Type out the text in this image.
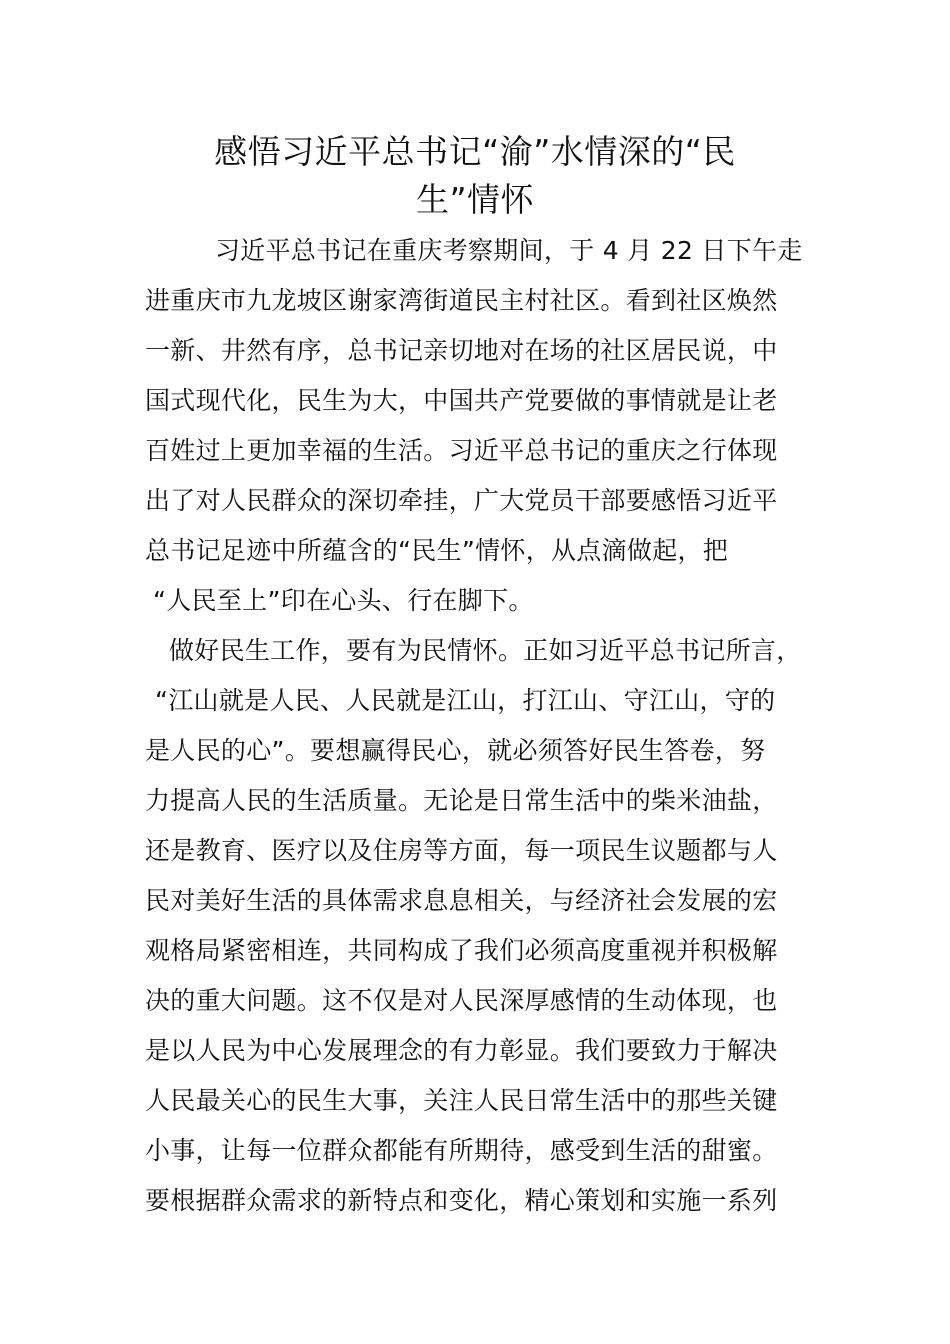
感悟习近平总书记“渝”水情深的“民
生”情怀
习近平总书记在重庆考察期间，于 4 月 22 日下午走
进重庆市九龙坡区谢家湾街道民主村社区。看到社区焕然
一新、井然有序，总书记亲切地对在场的社区居民说，中
国式现代化，民生为大，中国共产党要做的事情就是让老
百姓过上更加幸福的生活。习近平总书记的重庆之行体现
出了对人民群众的深切牵挂，广大党员干部要感悟习近平
总书记足迹中所蕴含的“民生”情怀，从点滴做起，把
“人民至上”印在心头、行在脚下。
做好民生工作，要有为民情怀。正如习近平总书记所言，
“江山就是人民、人民就是江山，打江山、守江山，守的
是人民的心”。要想赢得民心，就必须答好民生答卷，努
力提高人民的生活质量。无论是日常生活中的柴米油盐，
还是教育、医疗以及住房等方面，每一项民生议题都与人
民对美好生活的具体需求息息相关，与经济社会发展的宏
观格局紧密相连，共同构成了我们必须高度重视并积极解
决的重大问题。这不仅是对人民深厚感情的生动体现，也
是以人民为中心发展理念的有力彰显。我们要致力于解决
人民最关心的民生大事，关注人民日常生活中的那些关键
小事，让每一位群众都能有所期待，感受到生活的甜蜜。
要根据群众需求的新特点和变化，精心策划和实施一系列
